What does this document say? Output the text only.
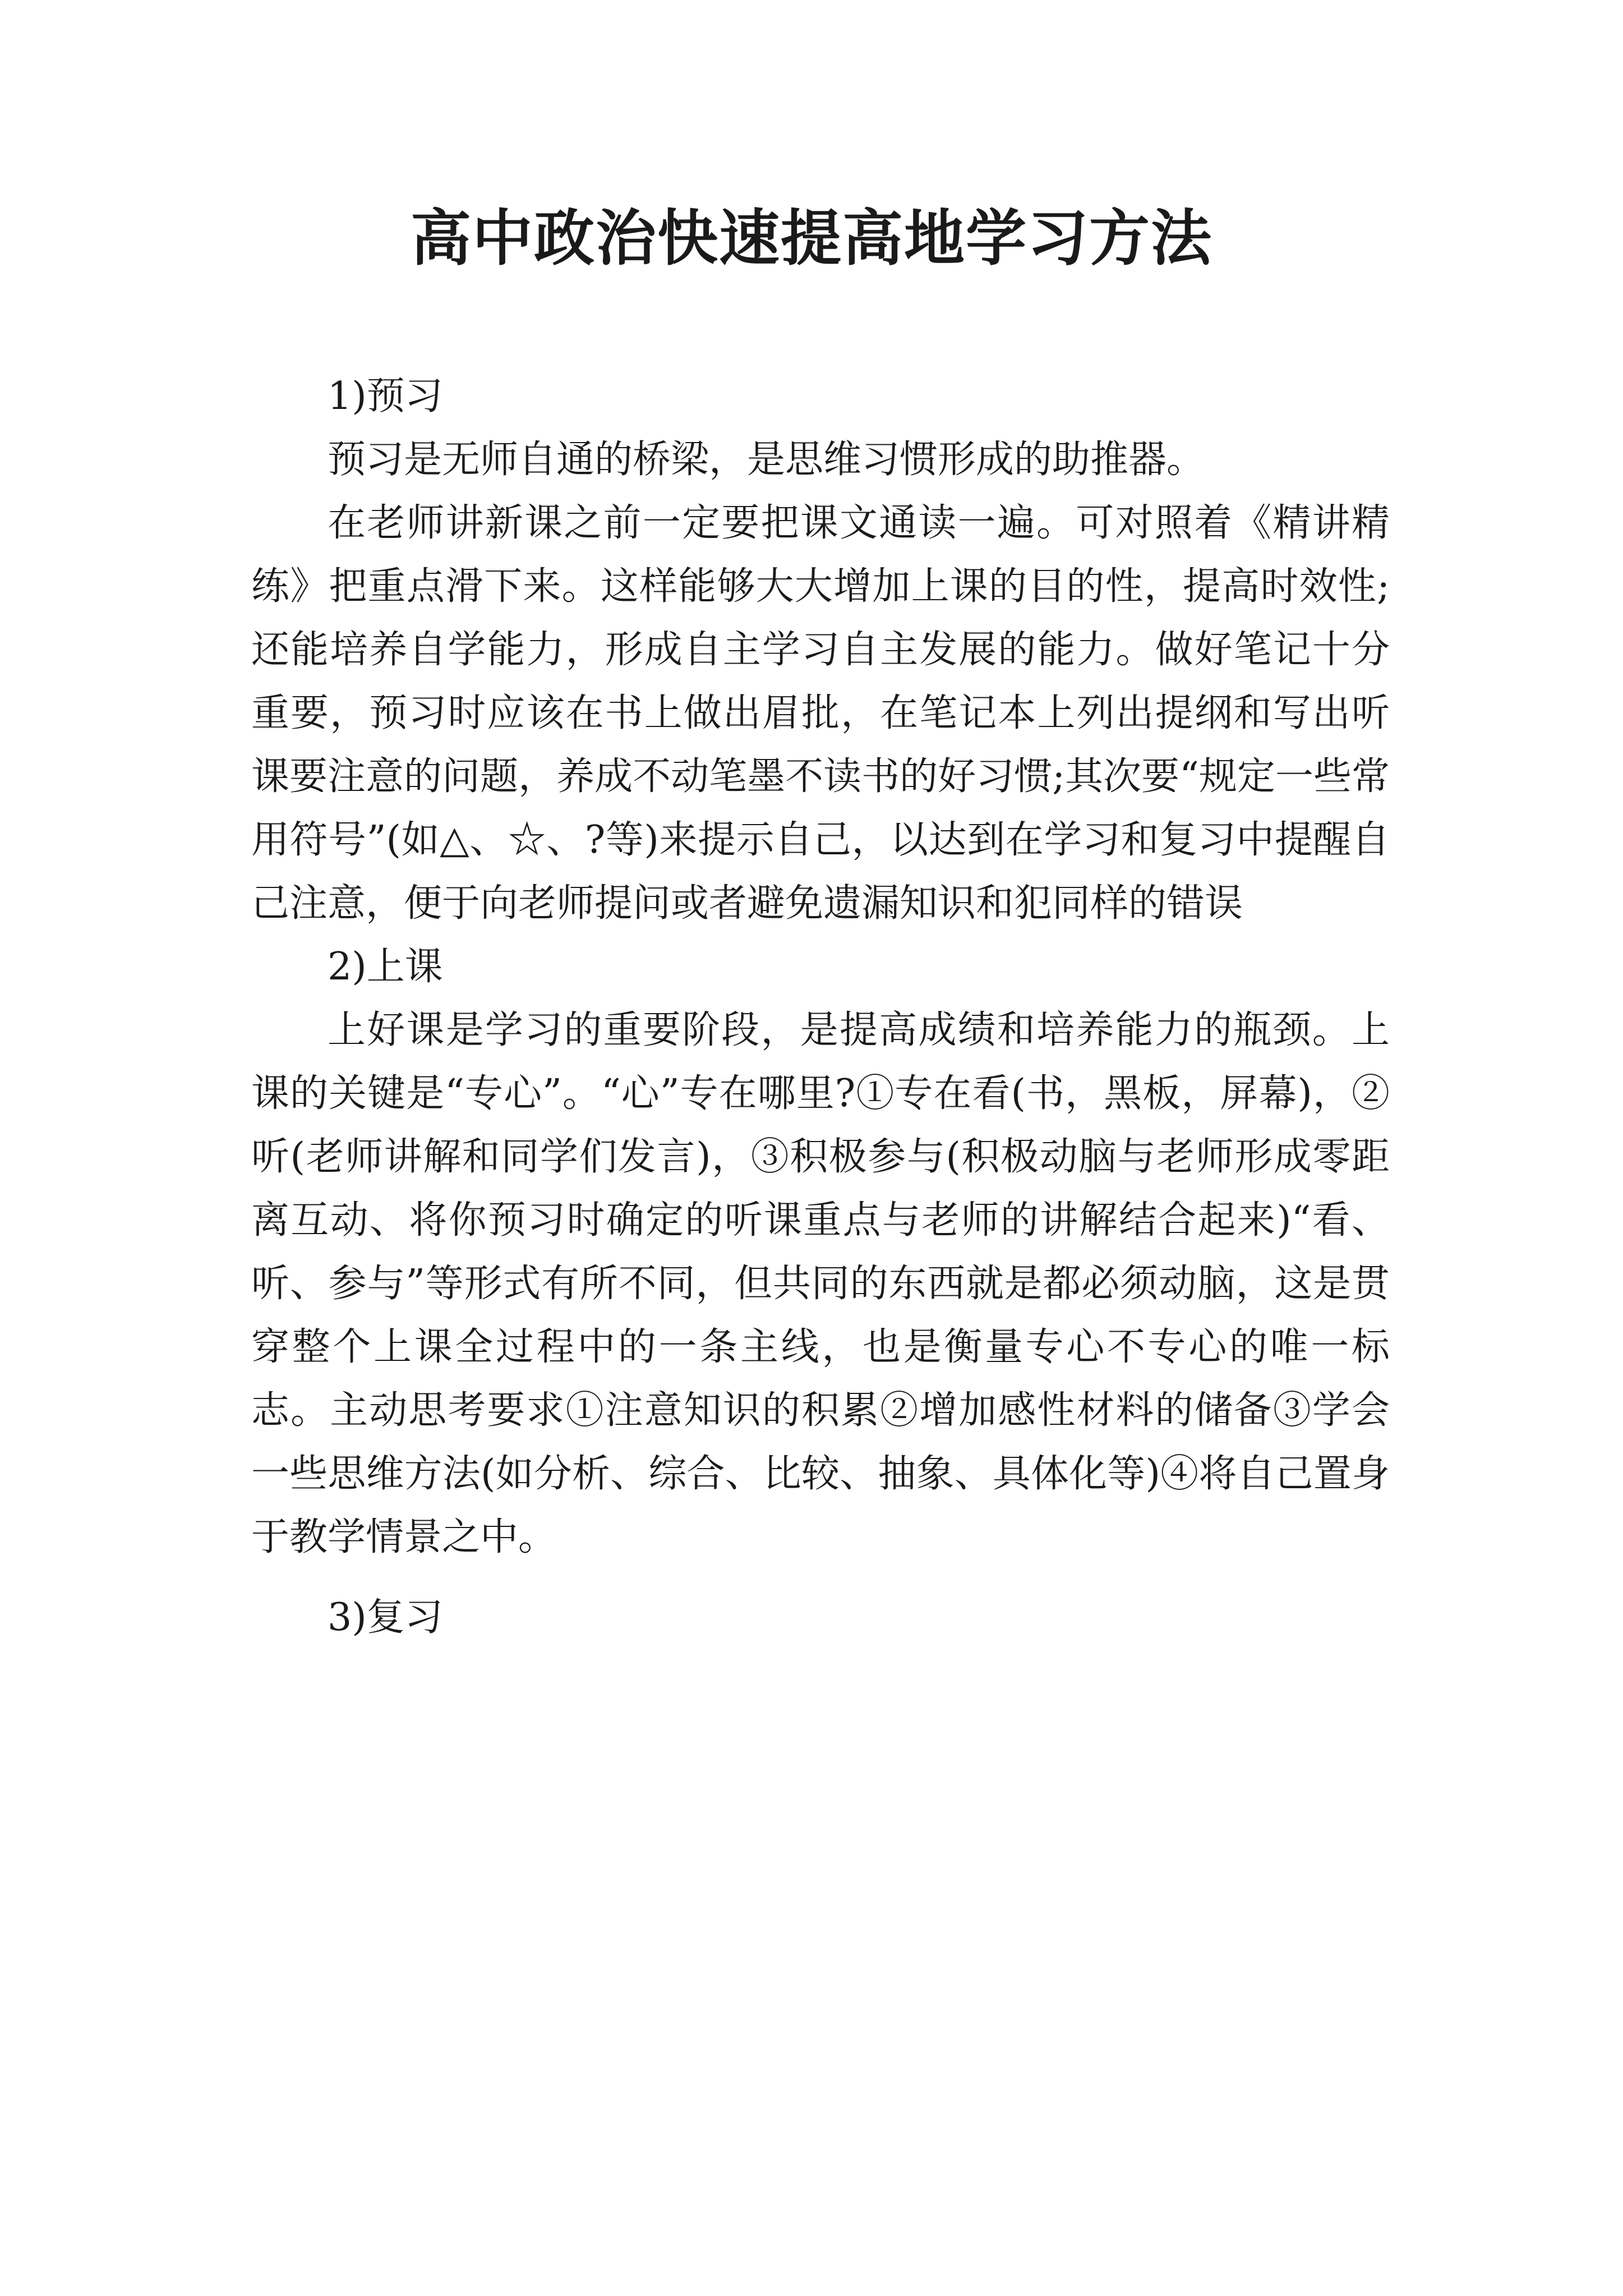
高中政治快速提高地学习方法

1)预习

预习是无师自通的桥梁，是思维习惯形成的助推器。

在老师讲新课之前一定要把课文通读一遍。可对照着《精讲精练》把重点滑下来。这样能够大大增加上课的目的性，提高时效性;还能培养自学能力，形成自主学习自主发展的能力。做好笔记十分重要，预习时应该在书上做出眉批，在笔记本上列出提纲和写出听课要注意的问题，养成不动笔墨不读书的好习惯;其次要“规定一些常用符号”(如△、☆、?等)来提示自己，以达到在学习和复习中提醒自己注意，便于向老师提问或者避免遗漏知识和犯同样的错误

2)上课

上好课是学习的重要阶段，是提高成绩和培养能力的瓶颈。上课的关键是“专心”。“心”专在哪里?①专在看(书，黑板，屏幕)，②听(老师讲解和同学们发言)，③积极参与(积极动脑与老师形成零距离互动、将你预习时确定的听课重点与老师的讲解结合起来)“看、听、参与”等形式有所不同，但共同的东西就是都必须动脑，这是贯穿整个上课全过程中的一条主线，也是衡量专心不专心的唯一标志。主动思考要求①注意知识的积累②增加感性材料的储备③学会一些思维方法(如分析、综合、比较、抽象、具体化等)④将自己置身于教学情景之中。

3)复习
